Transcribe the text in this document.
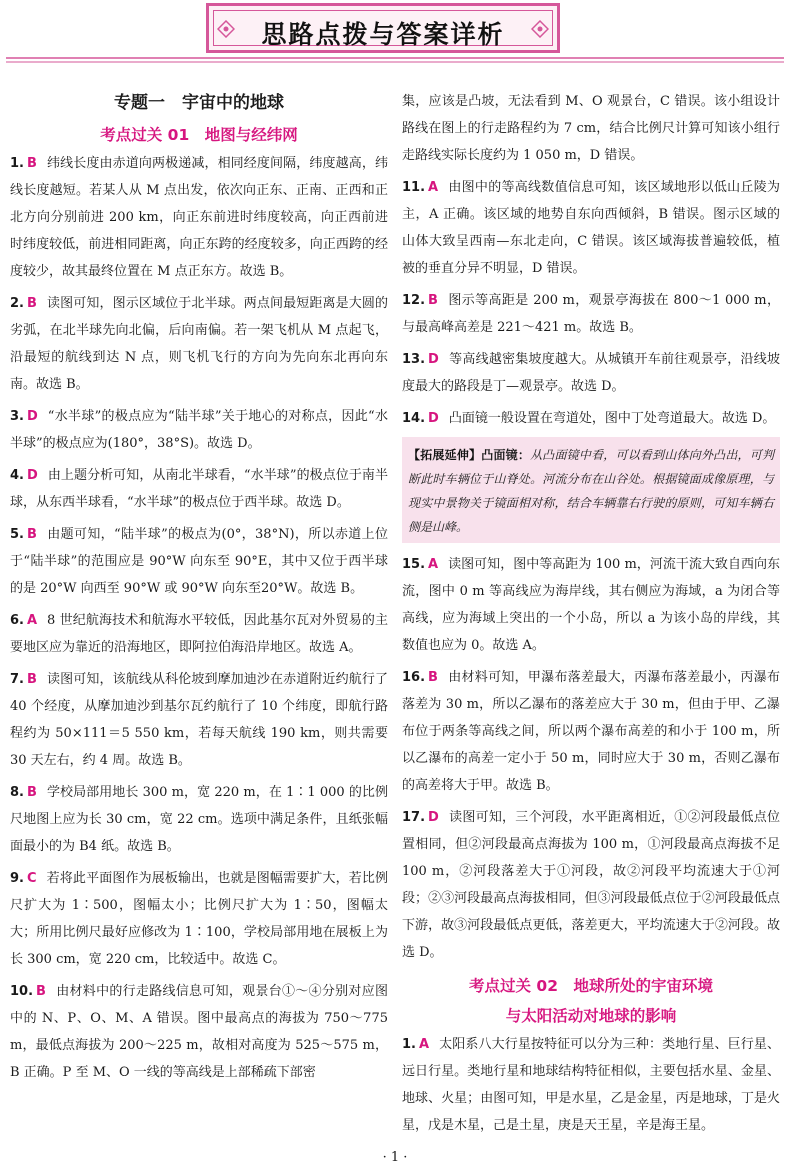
思路点拨与答案详析
专题一　宇宙中的地球
考点过关 01　地图与经纬网

1. B 纬线长度由赤道向两极递减，相同经度间隔，纬度越高，纬线长度越短。若某人从 M 点出发，依次向正东、正南、正西和正北方向分别前进 200 km，向正东前进时纬度较高，向正西前进时纬度较低，前进相同距离，向正东跨的经度较多，向正西跨的经度较少，故其最终位置在 M 点正东方。故选 B。

2. B 读图可知，图示区域位于北半球。两点间最短距离是大圆的劣弧，在北半球先向北偏，后向南偏。若一架飞机从 M 点起飞，沿最短的航线到达 N 点，则飞机飞行的方向为先向东北再向东南。故选 B。

3. D “水半球”的极点应为“陆半球”关于地心的对称点，因此“水半球”的极点应为(180°，38°S)。故选 D。

4. D 由上题分析可知，从南北半球看，“水半球”的极点位于南半球，从东西半球看，“水半球”的极点位于西半球。故选 D。

5. B 由题可知，“陆半球”的极点为(0°，38°N)，所以赤道上位于“陆半球”的范围应是 90°W 向东至 90°E，其中又位于西半球的是 20°W 向西至 90°W 或 90°W 向东至20°W。故选 B。

6. A 8 世纪航海技术和航海水平较低，因此基尔瓦对外贸易的主要地区应为靠近的沿海地区，即阿拉伯海沿岸地区。故选 A。

7. B 读图可知，该航线从科伦坡到摩加迪沙在赤道附近约航行了 40 个经度，从摩加迪沙到基尔瓦约航行了 10 个纬度，即航行路程约为 50×111＝5 550 km，若每天航线 190 km，则共需要 30 天左右，约 4 周。故选 B。

8. B 学校局部用地长 300 m，宽 220 m，在 1∶1 000 的比例尺地图上应为长 30 cm，宽 22 cm。选项中满足条件，且纸张幅面最小的为 B4 纸。故选 B。

9. C 若将此平面图作为展板输出，也就是图幅需要扩大，若比例尺扩大为 1∶500，图幅太小；比例尺扩大为 1∶50，图幅太大；所用比例尺最好应修改为 1∶100，学校局部用地在展板上为长 300 cm，宽 220 cm，比较适中。故选 C。

10. B 由材料中的行走路线信息可知，观景台①～④分别对应图中的 N、P、O、M、A 错误。图中最高点的海拔为 750～775 m，最低点海拔为 200～225 m，故相对高度为 525～575 m，B 正确。P 至 M、O 一线的等高线是上部稀疏下部密

集，应该是凸坡，无法看到 M、O 观景台，C 错误。该小组设计路线在图上的行走路程约为 7 cm，结合比例尺计算可知该小组行走路线实际长度约为 1 050 m，D 错误。

11. A 由图中的等高线数值信息可知，该区域地形以低山丘陵为主，A 正确。该区域的地势自东向西倾斜，B 错误。图示区域的山体大致呈西南—东北走向，C 错误。该区域海拔普遍较低，植被的垂直分异不明显，D 错误。

12. B 图示等高距是 200 m，观景亭海拔在 800～1 000 m，与最高峰高差是 221～421 m。故选 B。

13. D 等高线越密集坡度越大。从城镇开车前往观景亭，沿线坡度最大的路段是丁—观景亭。故选 D。

14. D 凸面镜一般设置在弯道处，图中丁处弯道最大。故选 D。

【拓展延伸】凸面镜：从凸面镜中看，可以看到山体向外凸出，可判断此时车辆位于山脊处。河流分布在山谷处。根据镜面成像原理，与现实中景物关于镜面相对称，结合车辆靠右行驶的原则，可知车辆右侧是山峰。

15. A 读图可知，图中等高距为 100 m，河流干流大致自西向东流，图中 0 m 等高线应为海岸线，其右侧应为海域，a 为闭合等高线，应为海域上突出的一个小岛，所以 a 为该小岛的岸线，其数值也应为 0。故选 A。

16. B 由材料可知，甲瀑布落差最大，丙瀑布落差最小，丙瀑布落差为 30 m，所以乙瀑布的落差应大于 30 m，但由于甲、乙瀑布位于两条等高线之间，所以两个瀑布高差的和小于 100 m，所以乙瀑布的高差一定小于 50 m，同时应大于 30 m，否则乙瀑布的高差将大于甲。故选 B。

17. D 读图可知，三个河段，水平距离相近，①②河段最低点位置相同，但②河段最高点海拔为 100 m，①河段最高点海拔不足 100 m，②河段落差大于①河段，故②河段平均流速大于①河段；②③河段最高点海拔相同，但③河段最低点位于②河段最低点下游，故③河段最低点更低，落差更大，平均流速大于②河段。故选 D。

考点过关 02　地球所处的宇宙环境
与太阳活动对地球的影响

1. A 太阳系八大行星按特征可以分为三种：类地行星、巨行星、远日行星。类地行星和地球结构特征相似，主要包括水星、金星、地球、火星；由图可知，甲是水星，乙是金星，丙是地球，丁是火星，戊是木星，己是土星，庚是天王星，辛是海王星。

· 1 ·
